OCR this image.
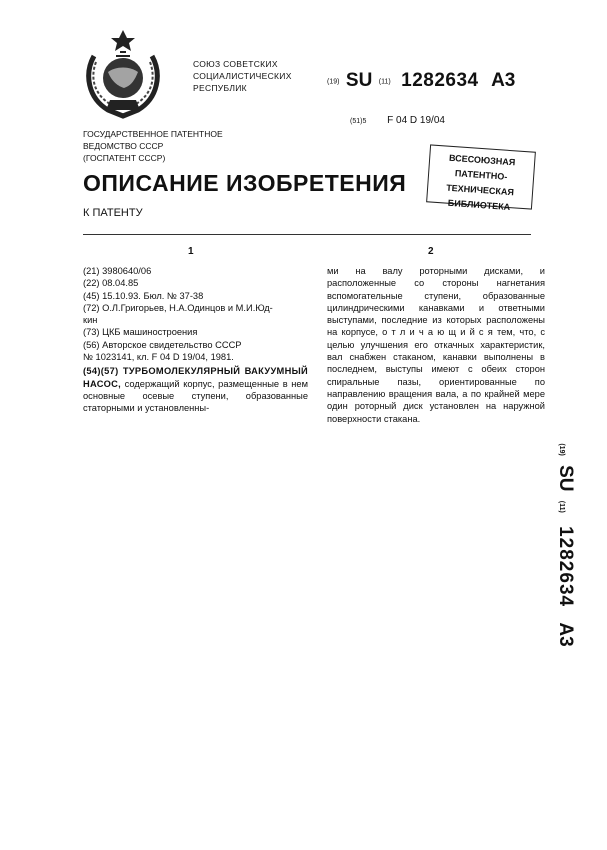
СОЮЗ СОВЕТСКИХ
СОЦИАЛИСТИЧЕСКИХ
РЕСПУБЛИК
(19) SU (11) 1282634 A3
(51)5 F 04 D 19/04
ГОСУДАРСТВЕННОЕ ПАТЕНТНОЕ
ВЕДОМСТВО СССР
(ГОСПАТЕНТ СССР)	ВСЕСОЮЗНАЯ
ПАТЕНТНО-ТЕХНИЧЕСКАЯ
БИБЛИОТЕКА
ОПИСАНИЕ ИЗОБРЕТЕНИЯ
К ПАТЕНТУ
1	2
(21) 3980640/06
(22) 08.04.85
(45) 15.10.93. Бюл. № 37-38
(72) О.Л.Григорьев, Н.А.Одинцов и М.И.Юд-
кин
(73) ЦКБ машиностроения
(56) Авторское свидетельство СССР
№ 1023141, кл. F 04 D 19/04, 1981.
(54)(57) ТУРБОМОЛЕКУЛЯРНЫЙ ВАКУУМНЫЙ НАСОС, содержащий корпус, размещенные в нем основные осевые ступени, образованные статорными и установленны-
ми на валу роторными дисками, и расположенные со стороны нагнетания вспомогательные ступени, образованные цилиндрическими канавками и ответными выступами, последние из которых расположены на корпусе, о т л и ч а ю щ и й с я тем, что, с целью улучшения его откачных характеристик, вал снабжен стаканом, канавки выполнены в последнем, выступы имеют с обеих сторон спиральные пазы, ориентированные по направлению вращения вала, а по крайней мере один роторный диск установлен на наружной поверхности стакана.
(19) SU (11) 1282634 A3
